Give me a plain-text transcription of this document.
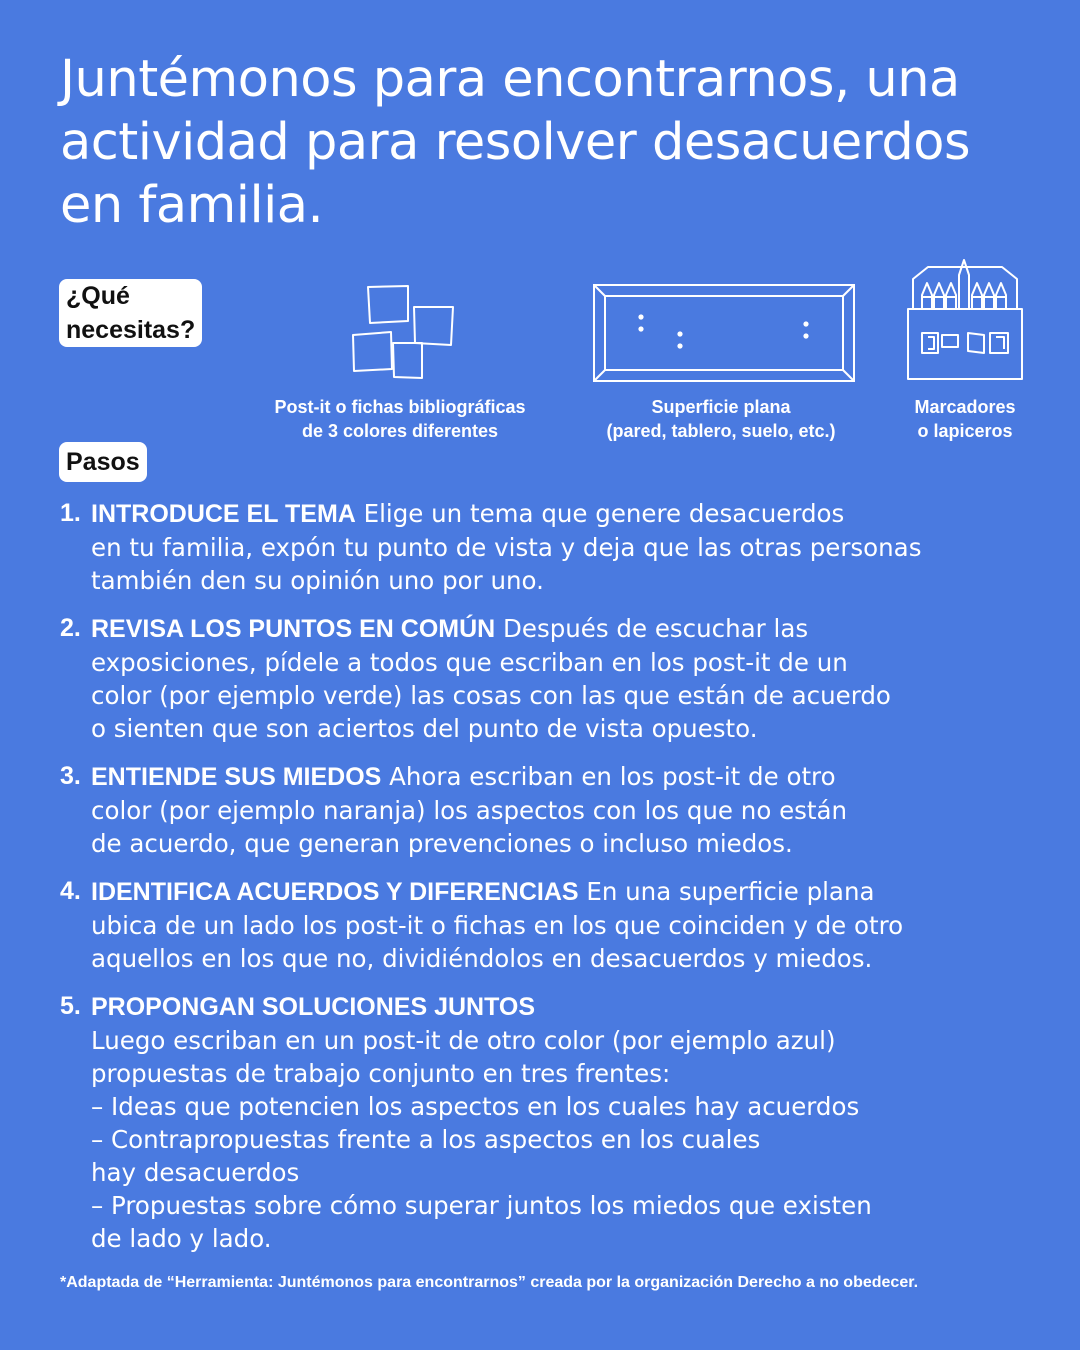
Juntémonos para encontrarnos, una actividad para resolver desacuerdos en familia.
¿Qué
necesitas?
Post-it o fichas bibliográficas
de 3 colores diferentes
Superficie plana
(pared, tablero, suelo, etc.)
Marcadores
o lapiceros
Pasos
1. INTRODUCE EL TEMA Elige un tema que genere desacuerdos
en tu familia, expón tu punto de vista y deja que las otras personas
también den su opinión uno por uno.
2. REVISA LOS PUNTOS EN COMÚN Después de escuchar las
exposiciones, pídele a todos que escriban en los post-it de un
color (por ejemplo verde) las cosas con las que están de acuerdo
o sienten que son aciertos del punto de vista opuesto.
3. ENTIENDE SUS MIEDOS Ahora escriban en los post-it de otro
color (por ejemplo naranja) los aspectos con los que no están
de acuerdo, que generan prevenciones o incluso miedos.
4. IDENTIFICA ACUERDOS Y DIFERENCIAS En una superficie plana
ubica de un lado los post-it o fichas en los que coinciden y de otro
aquellos en los que no, dividiéndolos en desacuerdos y miedos.
5. PROPONGAN SOLUCIONES JUNTOS
Luego escriban en un post-it de otro color (por ejemplo azul)
propuestas de trabajo conjunto en tres frentes:
– Ideas que potencien los aspectos en los cuales hay acuerdos
– Contrapropuestas frente a los aspectos en los cuales
hay desacuerdos
– Propuestas sobre cómo superar juntos los miedos que existen
de lado y lado.
*Adaptada de “Herramienta: Juntémonos para encontrarnos” creada por la organización Derecho a no obedecer.
